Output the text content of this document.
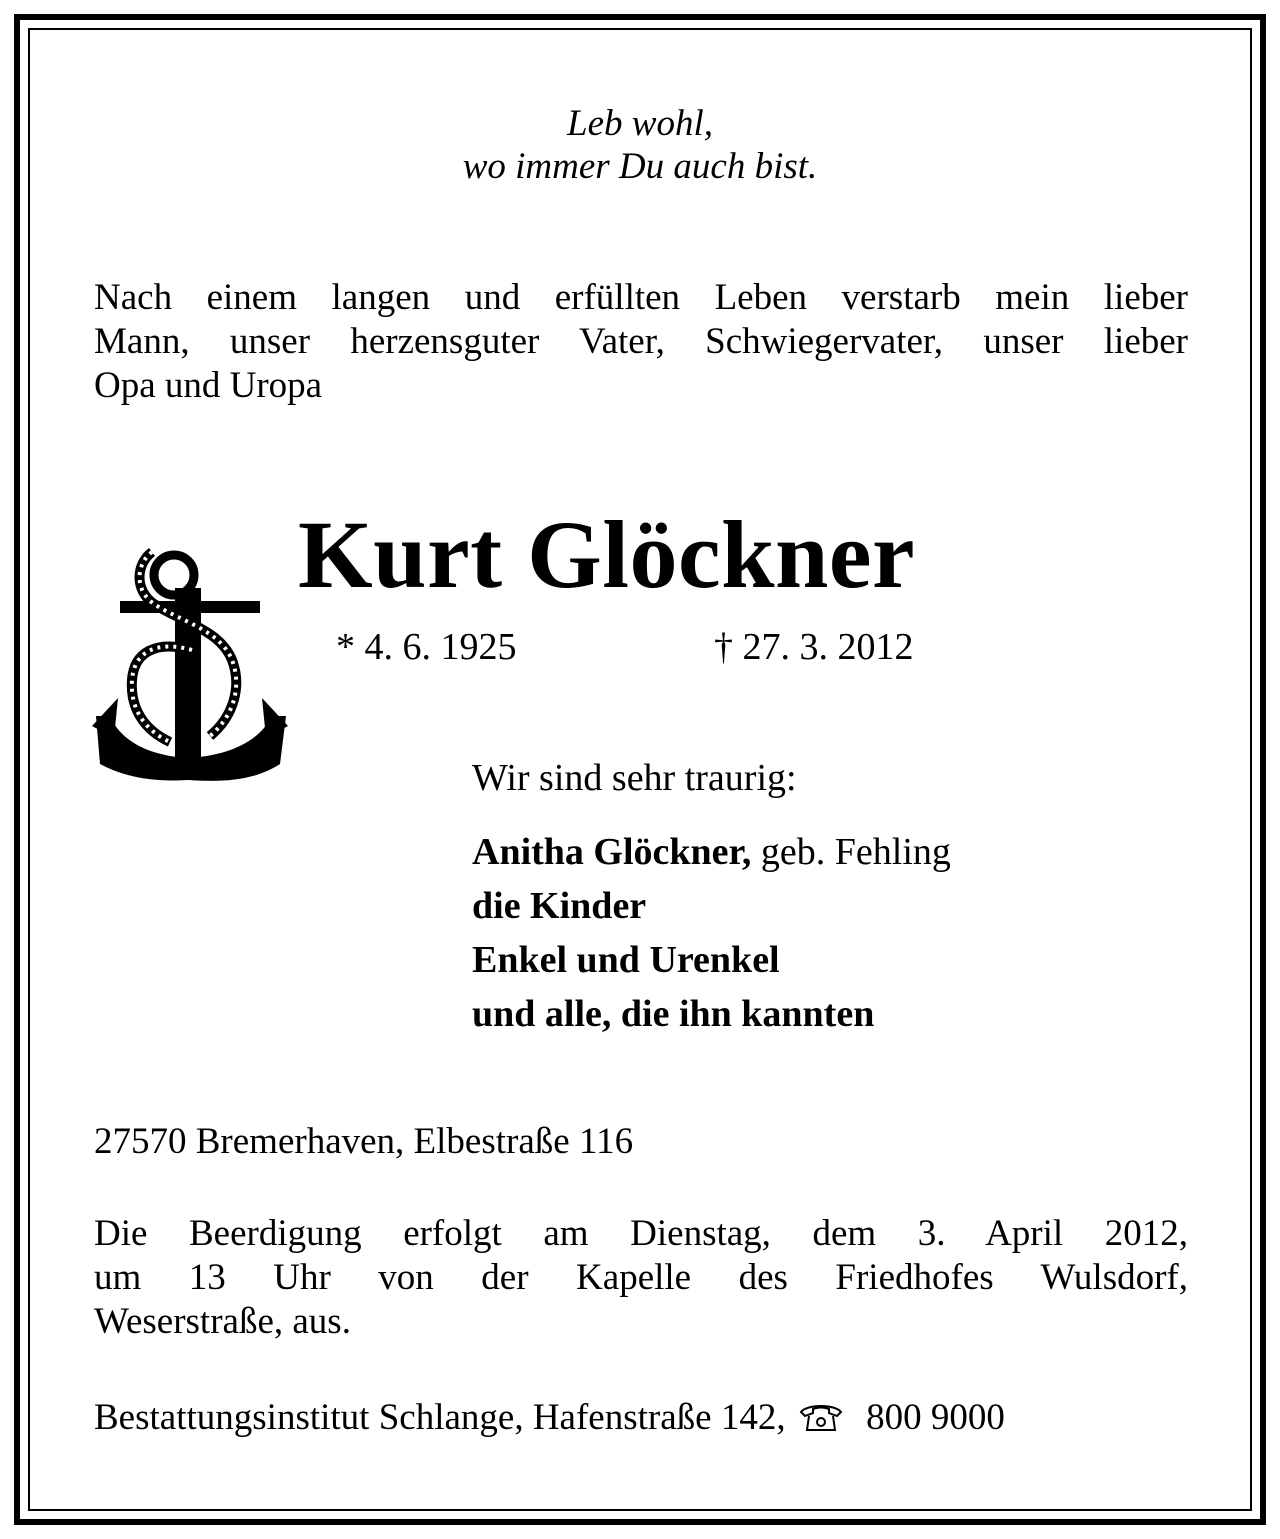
Leb wohl,
wo immer Du auch bist.
Nach einem langen und erfüllten Leben verstarb mein lieber
Mann, unser herzensguter Vater, Schwiegervater, unser lieber
Opa und Uropa
Kurt Glöckner
* 4. 6. 1925	† 27. 3. 2012
Wir sind sehr traurig:
Anitha Glöckner, geb. Fehling
die Kinder
Enkel und Urenkel
und alle, die ihn kannten
27570 Bremerhaven, Elbestraße 116
Die Beerdigung erfolgt am Dienstag, dem 3. April 2012,
um 13 Uhr von der Kapelle des Friedhofes Wulsdorf,
Weserstraße, aus.
Bestattungsinstitut Schlange, Hafenstraße 142, 800 9000
